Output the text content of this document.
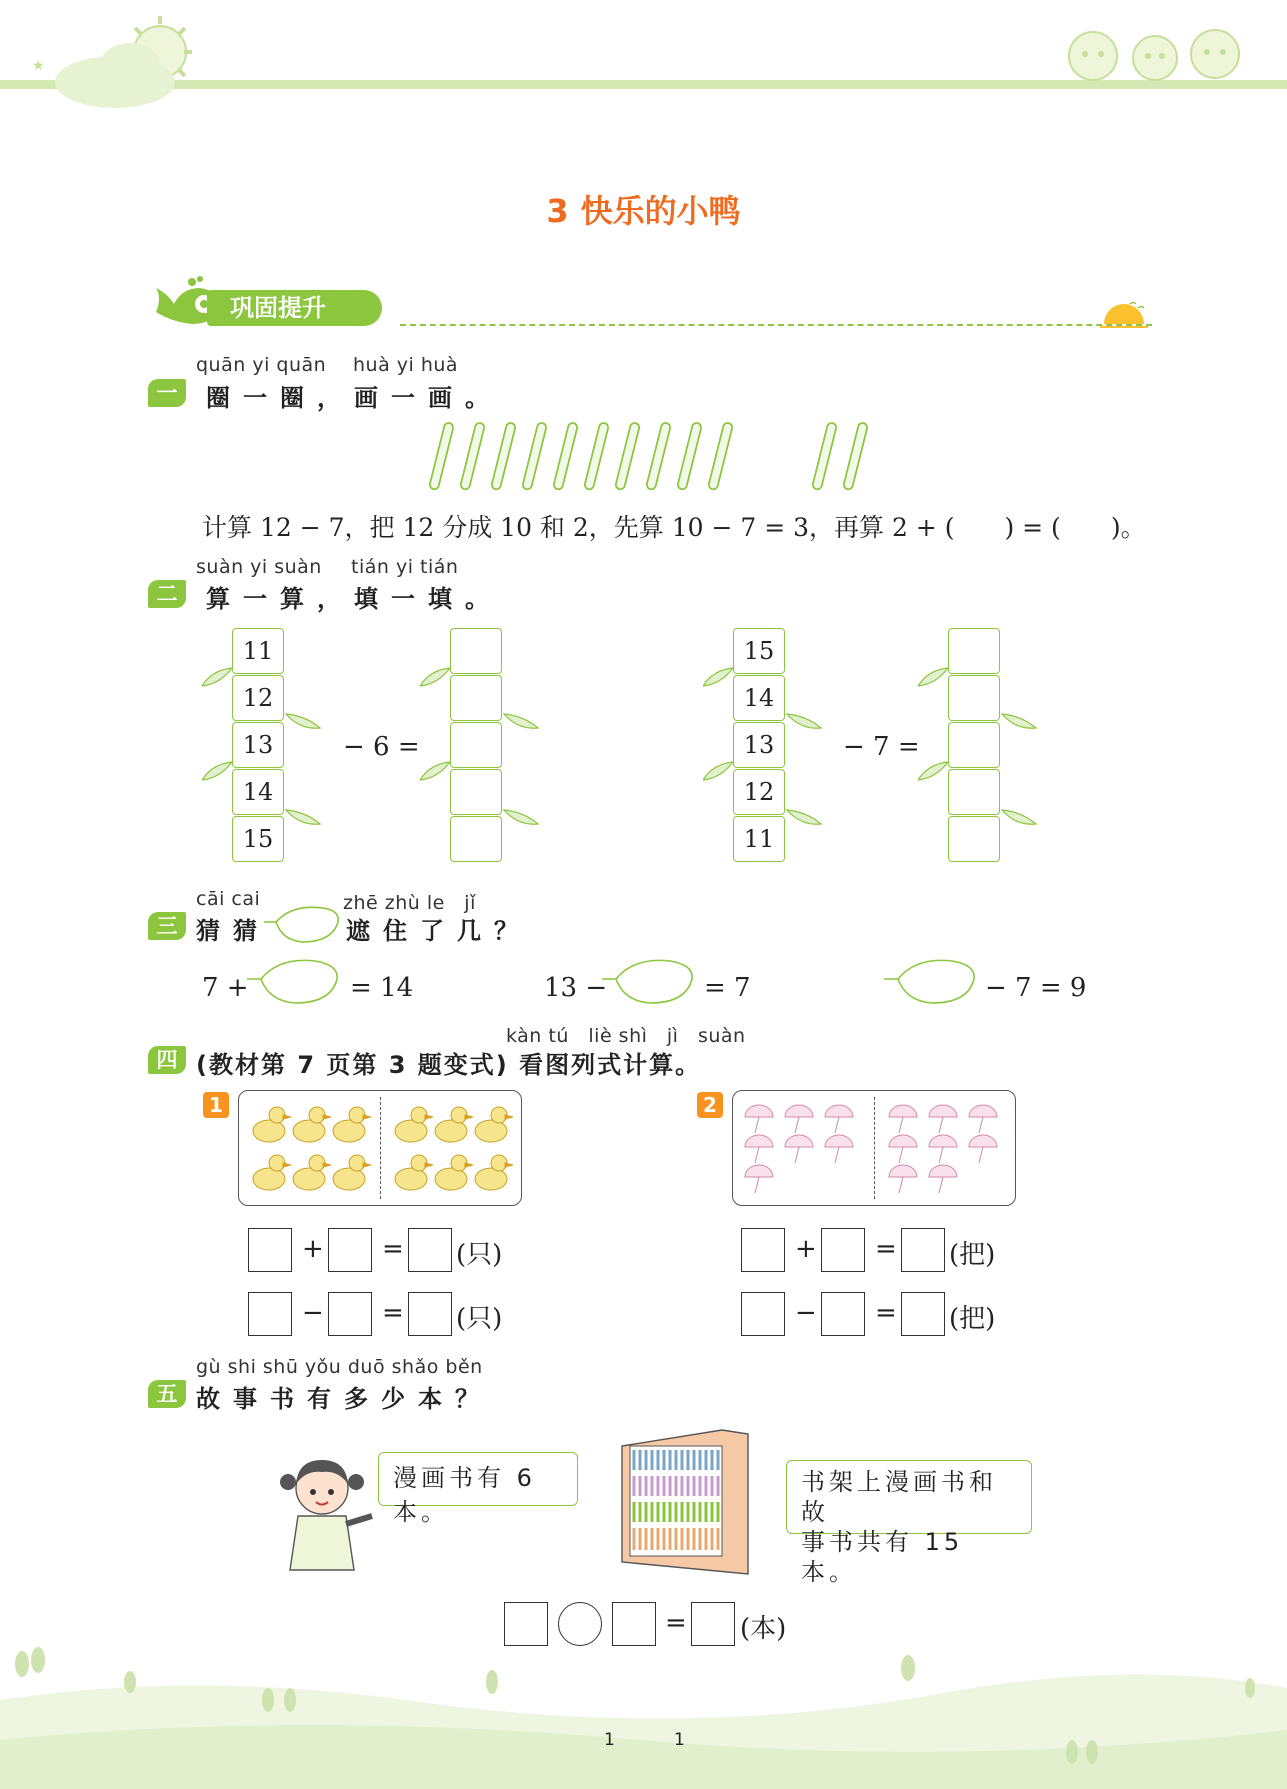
★
3 快乐的小鸭
巩固提升
quān yi quān huà yi huà
一	圈一圈，画一画。
计算 12 − 7，把 12 分成 10 和 2，先算 10 − 7 = 3，再算 2 + (　　) = (　　)。
suàn yi suàn tián yi tián
二	算一算，填一填。
11
12
13
14
15
− 6 =
15
14
13
12
11
− 7 =
cāi cai	zhē zhù le　jǐ
三 猜猜	遮住了几？
7 +	= 14	13 −	= 7	− 7 = 9
kàn tú　liè shì　jì　suàn
四 (教材第 7 页第 3 题变式) 看图列式计算。
1
+ = (只)
− = (只)
2
+ = (把)
− = (把)
gù shi shū yǒu duō shǎo běn
五 故事书有多少本？
漫画书有 6 本。
书架上漫画书和故
事书共有 15 本。
= (本)
1	1
